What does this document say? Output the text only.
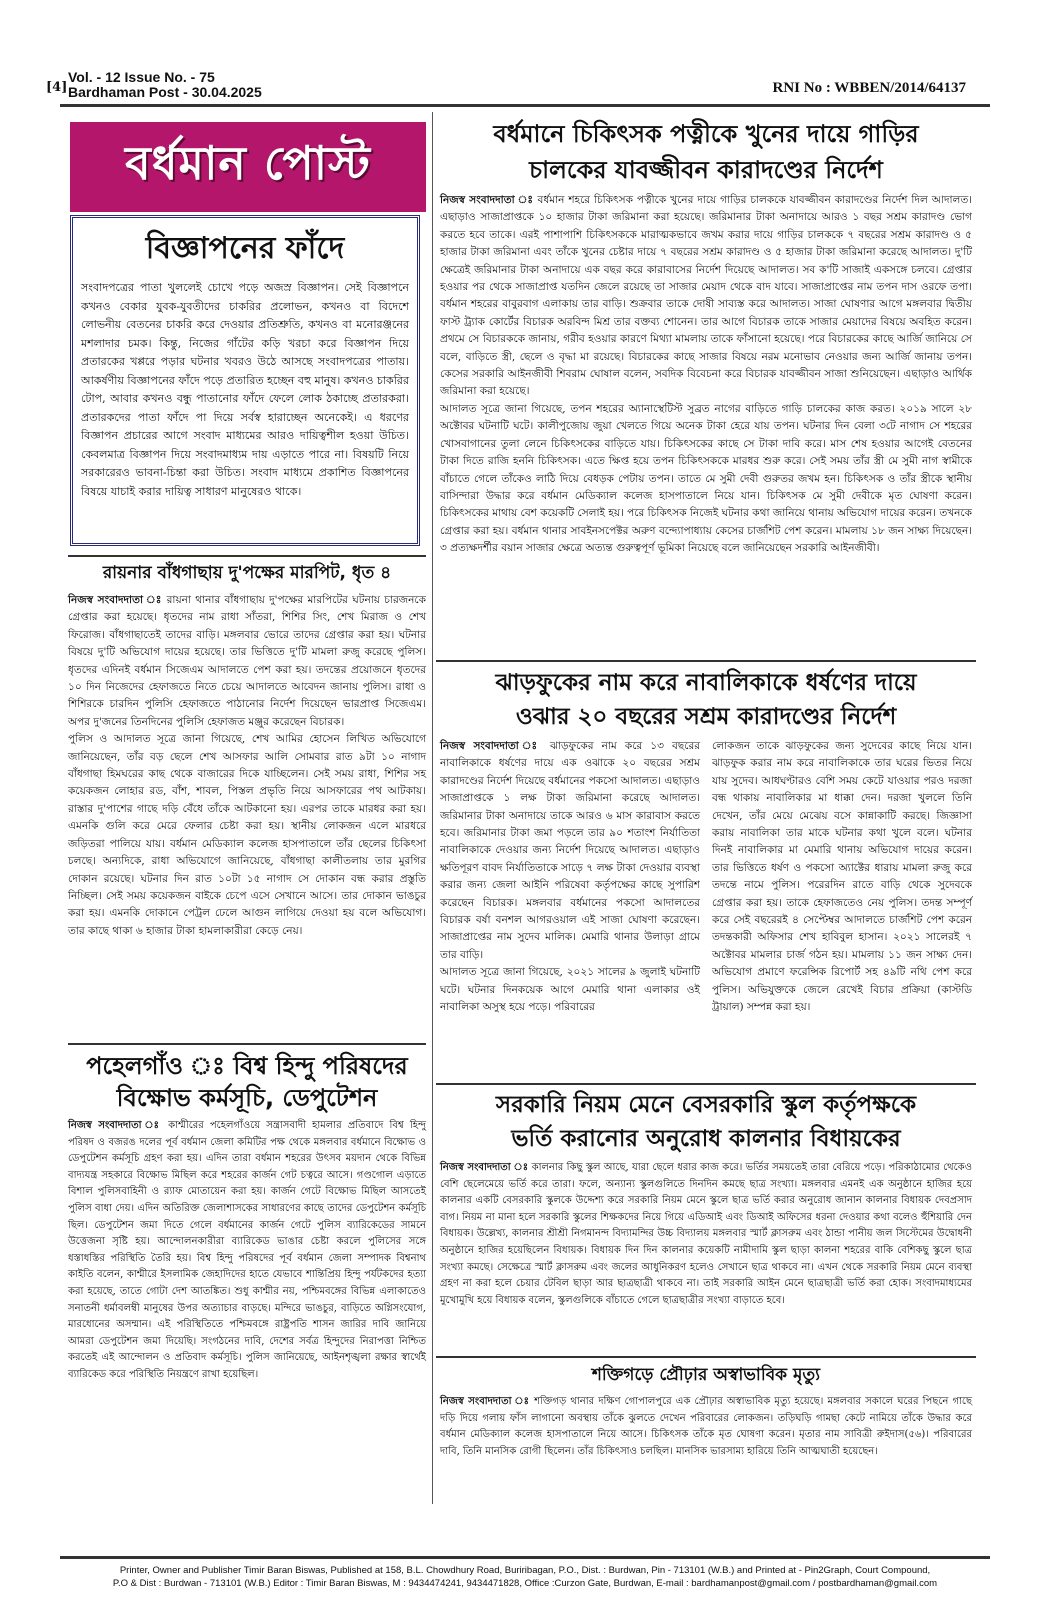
[4]
Vol. - 12 Issue No. - 75
Bardhaman Post - 30.04.2025	RNI No : WBBEN/2014/64137
বর্ধমান পোস্ট
বিজ্ঞাপনের ফাঁদে

সংবাদপত্রের পাতা খুললেই চোখে পড়ে অজস্র বিজ্ঞাপন। সেই বিজ্ঞাপনে কখনও বেকার যুবক-যুবতীদের চাকরির প্রলোভন, কখনও বা বিদেশে লোভনীয় বেতনের চাকরি করে দেওয়ার প্রতিশ্রুতি, কখনও বা মনোরঞ্জনের মশলাদার চমক। কিন্তু, নিজের গাঁটের কড়ি খরচা করে বিজ্ঞাপন দিয়ে প্রতারকের খপ্পরে পড়ার ঘটনার খবরও উঠে আসছে সংবাদপত্রের পাতায়। আকর্ষণীয় বিজ্ঞাপনের ফাঁদে পড়ে প্রতারিত হচ্ছেন বহু মানুষ। কখনও চাকরির টোপ, আবার কখনও বন্ধু পাতানোর ফাঁদে ফেলে লোক ঠকাচ্ছে প্রতারকরা। প্রতারকদের পাতা ফাঁদে পা দিয়ে সর্বস্ব হারাচ্ছেন অনেকেই। এ ধরণের বিজ্ঞাপন প্রচারের আগে সংবাদ মাধ্যমের আরও দায়িত্বশীল হওয়া উচিত। কেবলমাত্র বিজ্ঞাপন দিয়ে সংবাদমাধ্যম দায় এড়াতে পারে না। বিষয়টি নিয়ে সরকারেরও ভাবনা-চিন্তা করা উচিত। সংবাদ মাধ্যমে প্রকাশিত বিজ্ঞাপনের বিষয়ে যাচাই করার দায়িত্ব সাধারণ মানুষেরও থাকে।

রায়নার বাঁধগাছায় দু'পক্ষের মারপিট, ধৃত ৪

নিজস্ব সংবাদদাতা ঃ রায়না থানার বাঁধগাছায় দু'পক্ষের মারপিটের ঘটনায় চারজনকে গ্রেপ্তার করা হয়েছে। ধৃতদের নাম রাধা সাঁতরা, শিশির সিং, শেখ মিরাজ ও শেখ ফিরোজ। বাঁধগাছাতেই তাদের বাড়ি। মঙ্গলবার ভোরে তাদের গ্রেপ্তার করা হয়। ঘটনার বিষয়ে দু'টি অভিযোগ দায়ের হয়েছে। তার ভিত্তিতে দু'টি মামলা রুজু করেছে পুলিস। ধৃতদের এদিনই বর্ধমান সিজেএম আদালতে পেশ করা হয়। তদন্তের প্রয়োজনে ধৃতদের ১০ দিন নিজেদের হেফাজতে নিতে চেয়ে আদালতে আবেদন জানায় পুলিস। রাধা ও শিশিরকে চারদিন পুলিসি হেফাজতে পাঠানোর নির্দেশ দিয়েছেন ভারপ্রাপ্ত সিজেএম। অপর দু'জনের তিনদিনের পুলিসি হেফাজত মঞ্জুর করেছেন বিচারক।

পুলিস ও আদালত সূত্রে জানা গিয়েছে, শেখ আমির হোসেন লিখিত অভিযোগে জানিয়েছেন, তাঁর বড় ছেলে শেখ আসফার আলি সোমবার রাত ৯টা ১০ নাগাদ বাঁধগাছা হিমঘরের কাছ থেকে বাজারের দিকে যাচ্ছিলেন। সেই সময় রাধা, শিশির সহ কয়েকজন লোহার রড, বাঁশ, শাবল, পিস্তল প্রভৃতি নিয়ে আসফারের পথ আটকায়। রাস্তার দু'পাশের গাছে দড়ি বেঁধে তাঁকে আটকানো হয়। এরপর তাকে মারধর করা হয়। এমনকি গুলি করে মেরে ফেলার চেষ্টা করা হয়। স্থানীয় লোকজন এলে মারধরে জড়িতরা পালিয়ে যায়। বর্ধমান মেডিক্যাল কলেজ হাসপাতালে তাঁর ছেলের চিকিৎসা চলছে। অন্যদিকে, রাধা অভিযোগে জানিয়েছে, বাঁধগাছা কালীতলায় তার মুরগির দোকান রয়েছে। ঘটনার দিন রাত ১০টা ১৫ নাগাদ সে দোকান বন্ধ করার প্রস্তুতি নিচ্ছিল। সেই সময় কয়েকজন বাইকে চেপে এসে সেখানে আসে। তার দোকান ভাঙচুর করা হয়। এমনকি দোকানে পেট্রল ঢেলে আগুন লাগিয়ে দেওয়া হয় বলে অভিযোগ। তার কাছে থাকা ৬ হাজার টাকা হামলাকারীরা কেড়ে নেয়।

পহেলগাঁও ঃ বিশ্ব হিন্দু পরিষদের
বিক্ষোভ কর্মসূচি, ডেপুটেশন

নিজস্ব সংবাদদাতা ঃ কাশ্মীরের পহেলগাঁওয়ে সন্ত্রাসবাদী হামলার প্রতিবাদে বিশ্ব হিন্দু পরিষদ ও বজরঙ দলের পূর্ব বর্ধমান জেলা কমিটির পক্ষ থেকে মঙ্গলবার বর্ধমানে বিক্ষোভ ও ডেপুটেশন কর্মসূচি গ্রহণ করা হয়। এদিন তারা বর্ধমান শহরের উৎসব ময়দান থেকে বিভিন্ন বাদ্যযন্ত্র সহকারে বিক্ষোভ মিছিল করে শহরের কার্জন গেট চত্বরে আসে। গণ্ডগোল এড়াতে বিশাল পুলিসবাহিনী ও র‍্যাফ মোতায়েন করা হয়। কার্জন গেটে বিক্ষোভ মিছিল আসতেই পুলিস বাধা দেয়। এদিন অতিরিক্ত জেলাশাসকের সাধারণের কাছে তাদের ডেপুটেশন কর্মসূচি ছিল। ডেপুটেশন জমা দিতে গেলে বর্ধমানের কার্জন গেটে পুলিস ব্যারিকেডের সামনে উত্তেজনা সৃষ্টি হয়। আন্দোলনকারীরা ব্যারিকেড ভাঙার চেষ্টা করলে পুলিসের সঙ্গে ধস্তাধস্তির পরিস্থিতি তৈরি হয়। বিশ্ব হিন্দু পরিষদের পূর্ব বর্ধমান জেলা সম্পাদক বিশ্বনাথ কাইতি বলেন, কাশ্মীরে ইসলামিক জেহাদিদের হাতে যেভাবে শান্তিপ্রিয় হিন্দু পর্যটকদের হত্যা করা হয়েছে, তাতে গোটা দেশ আতঙ্কিত। শুধু কাশ্মীর নয়, পশ্চিমবঙ্গের বিভিন্ন এলাকাতেও সনাতনী ধর্মাবলম্বী মানুষের উপর অত্যাচার বাড়ছে। মন্দিরে ভাঙচুর, বাড়িতে অগ্নিসংযোগ, মারধোনের অসম্মান। এই পরিস্থিতিতে পশ্চিমবঙ্গে রাষ্ট্রপতি শাসন জারির দাবি জানিয়ে আমরা ডেপুটেশন জমা দিয়েছি। সংগঠনের দাবি, দেশের সর্বত্র হিন্দুদের নিরাপত্তা নিশ্চিত করতেই এই আন্দোলন ও প্রতিবাদ কর্মসূচি। পুলিস জানিয়েছে, আইনশৃঙ্খলা রক্ষার স্বার্থেই ব্যারিকেড করে পরিস্থিতি নিয়ন্ত্রণে রাখা হয়েছিল।

বর্ধমানে চিকিৎসক পত্নীকে খুনের দায়ে গাড়ির
চালকের যাবজ্জীবন কারাদণ্ডের নির্দেশ

নিজস্ব সংবাদদাতা ঃ বর্ধমান শহরে চিকিৎসক পত্নীকে খুনের দায়ে গাড়ির চালককে যাবজ্জীবন কারাদণ্ডের নির্দেশ দিল আদালত। এছাড়াও সাজাপ্রাপ্তকে ১০ হাজার টাকা জরিমানা করা হয়েছে। জরিমানার টাকা অনাদায়ে আরও ১ বছর সশ্রম কারাদণ্ড ভোগ করতে হবে তাকে। এরই পাশাপাশি চিকিৎসককে মারাত্মকভাবে জখম করার দায়ে গাড়ির চালককে ৭ বছরের সশ্রম কারাদণ্ড ও ৫ হাজার টাকা জরিমানা এবং তাঁকে খুনের চেষ্টার দায়ে ৭ বছরের সশ্রম কারাদণ্ড ও ৫ হাজার টাকা জরিমানা করেছে আদালত। দু'টি ক্ষেত্রেই জরিমানার টাকা অনাদায়ে এক বছর করে কারাবাসের নির্দেশ দিয়েছে আদালত। সব ক'টি সাজাই একসঙ্গে চলবে। গ্রেপ্তার হওয়ার পর থেকে সাজাপ্রাপ্ত যতদিন জেলে রয়েছে তা সাজার মেয়াদ থেকে বাদ যাবে। সাজাপ্রাপ্তের নাম তপন দাস ওরফে তপা। বর্ধমান শহরের বাবুরবাগ এলাকায় তার বাড়ি। শুক্রবার তাকে দোষী সাব্যস্ত করে আদালত। সাজা ঘোষণার আগে মঙ্গলবার দ্বিতীয় ফাস্ট ট্র্যাক কোর্টের বিচারক অরবিন্দ মিশ্র তার বক্তব্য শোনেন। তার আগে বিচারক তাকে সাজার মেয়াদের বিষয়ে অবহিত করেন। প্রথমে সে বিচারককে জানায়, গরীব হওয়ার কারণে মিথ্যা মামলায় তাকে ফাঁসানো হয়েছে। পরে বিচারকের কাছে আর্জি জানিয়ে সে বলে, বাড়িতে স্ত্রী, ছেলে ও বৃদ্ধা মা রয়েছে। বিচারকের কাছে সাজার বিষয়ে নরম মনোভাব নেওয়ার জন্য আর্জি জানায় তপন। কেসের সরকারি আইনজীবী শিবরাম ঘোষাল বলেন, সবদিক বিবেচনা করে বিচারক যাবজ্জীবন সাজা শুনিয়েছেন। এছাড়াও আর্থিক জরিমানা করা হয়েছে।

আদালত সূত্রে জানা গিয়েছে, তপন শহরের অ্যানাস্থেটিস্ট সুব্রত নাগের বাড়িতে গাড়ি চালকের কাজ করত। ২০১৯ সালে ২৮ অক্টোবর ঘটনাটি ঘটে। কালীপুজোয় জুয়া খেলতে গিয়ে অনেক টাকা হেরে যায় তপন। ঘটনার দিন বেলা ৩টে নাগাদ সে শহরের খোসবাগানের তুলা লেনে চিকিৎসকের বাড়িতে যায়। চিকিৎসকের কাছে সে টাকা দাবি করে। মাস শেষ হওয়ার আগেই বেতনের টাকা দিতে রাজি হননি চিকিৎসক। এতে ক্ষিপ্ত হয়ে তপন চিকিৎসককে মারধর শুরু করে। সেই সময় তাঁর স্ত্রী মে সুমী নাগ স্বামীকে বাঁচাতে গেলে তাঁকেও লাঠি দিয়ে বেধড়ক পেটায় তপন। তাতে মে সুমী দেবী গুরুতর জখম হন। চিকিৎসক ও তাঁর স্ত্রীকে স্থানীয় বাসিন্দারা উদ্ধার করে বর্ধমান মেডিক্যাল কলেজ হাসপাতালে নিয়ে যান। চিকিৎসক মে সুমী দেবীকে মৃত ঘোষণা করেন। চিকিৎসকের মাথায় বেশ কয়েকটি সেলাই হয়। পরে চিকিৎসক নিজেই ঘটনার কথা জানিয়ে থানায় অভিযোগ দায়ের করেন। তখনকে গ্রেপ্তার করা হয়। বর্ধমান থানার সাবইনসপেক্টর অরুণ বন্দ্যোপাধ্যায় কেসের চার্জশিট পেশ করেন। মামলায় ১৮ জন সাক্ষ্য দিয়েছেন। ৩ প্রত্যক্ষদর্শীর বয়ান সাজার ক্ষেত্রে অত্যন্ত গুরুত্বপূর্ণ ভূমিকা নিয়েছে বলে জানিয়েছেন সরকারি আইনজীবী।

ঝাড়ফুকের নাম করে নাবালিকাকে ধর্ষণের দায়ে
ওঝার ২০ বছরের সশ্রম কারাদণ্ডের নির্দেশ

নিজস্ব সংবাদদাতা ঃ ঝাড়ফুকের নাম করে ১৩ বছরের নাবালিকাকে ধর্ষণের দায়ে এক ওঝাকে ২০ বছরের সশ্রম কারাদণ্ডের নির্দেশ দিয়েছে বর্ধমানের পকসো আদালত। এছাড়াও সাজাপ্রাপ্তকে ১ লক্ষ টাকা জরিমানা করেছে আদালত। জরিমানার টাকা অনাদায়ে তাকে আরও ৬ মাস কারাবাস করতে হবে। জরিমানার টাকা জমা পড়লে তার ৯০ শতাংশ নির্যাতিতা নাবালিকাকে দেওয়ার জন্য নির্দেশ দিয়েছে আদালত। এছাড়াও ক্ষতিপূরণ বাবদ নির্যাতিতাকে সাড়ে ৭ লক্ষ টাকা দেওয়ার ব্যবস্থা করার জন্য জেলা আইনি পরিষেবা কর্তৃপক্ষের কাছে সুপারিশ করেছেন বিচারক। মঙ্গলবার বর্ধমানের পকসো আদালতের বিচারক বর্ষা বনশল আগরওয়াল এই সাজা ঘোষণা করেছেন। সাজাপ্রাপ্তের নাম সুদেব মালিক। মেমারি থানার উলাড়া গ্রামে তার বাড়ি।

আদালত সূত্রে জানা গিয়েছে, ২০২১ সালের ৯ জুলাই ঘটনাটি ঘটে। ঘটনার দিনকয়েক আগে মেমারি থানা এলাকার ওই নাবালিকা অসুস্থ হয়ে পড়ে। পরিবারের

লোকজন তাকে ঝাড়ফুকের জন্য সুদেবের কাছে নিয়ে যান। ঝাড়ফুক করার নাম করে নাবালিকাকে তার ঘরের ভিতর নিয়ে যায় সুদেব। আধঘণ্টারও বেশি সময় কেটে যাওয়ার পরও দরজা বন্ধ থাকায় নাবালিকার মা ধাক্কা দেন। দরজা খুললে তিনি দেখেন, তাঁর মেয়ে মেঝেয় বসে কান্নাকাটি করছে। জিজ্ঞাসা করায় নাবালিকা তার মাকে ঘটনার কথা খুলে বলে। ঘটনার দিনই নাবালিকার মা মেমারি থানায় অভিযোগ দায়ের করেন। তার ভিত্তিতে ধর্ষণ ও পকসো অ্যাক্টের ধারায় মামলা রুজু করে তদন্তে নামে পুলিস। পরেরদিন রাতে বাড়ি থেকে সুদেবকে গ্রেপ্তার করা হয়। তাকে হেফাজতেও নেয় পুলিস। তদন্ত সম্পূর্ণ করে সেই বছরেরই ৪ সেপ্টেম্বর আদালতে চার্জশিট পেশ করেন তদন্তকারী অফিসার শেখ হাবিবুল হাসান। ২০২১ সালেরই ৭ অক্টোবর মামলার চার্জ গঠন হয়। মামলায় ১১ জন সাক্ষ্য দেন। অভিযোগ প্রমাণে ফরেন্সিক রিপোর্ট সহ ৪৯টি নথি পেশ করে পুলিস। অভিযুক্তকে জেলে রেখেই বিচার প্রক্রিয়া (কাস্টডি ট্রায়াল) সম্পন্ন করা হয়।

সরকারি নিয়ম মেনে বেসরকারি স্কুল কর্তৃপক্ষকে
ভর্তি করানোর অনুরোধ কালনার বিধায়কের

নিজস্ব সংবাদদাতা ঃ কালনার কিছু স্কুল আছে, যারা ছেলে ধরার কাজ করে। ভর্তির সময়তেই তারা বেরিয়ে পড়ে। পরিকাঠামোর থেকেও বেশি ছেলেমেয়ে ভর্তি করে তারা। ফলে, অন্যান্য স্কুলগুলিতে দিনদিন কমছে ছাত্র সংখ্যা। মঙ্গলবার এমনই এক অনুষ্ঠানে হাজির হয়ে কালনার একটি বেসরকারি স্কুলকে উদ্দেশ্য করে সরকারি নিয়ম মেনে স্কুলে ছাত্র ভর্তি করার অনুরোধ জানান কালনার বিধায়ক দেবপ্রসাদ বাগ। নিয়ম না মানা হলে সরকারি স্কুলের শিক্ষকদের নিয়ে গিয়ে এডিআই এবং ডিআই অফিসের ধরনা দেওয়ার কথা বলেও হুঁশিয়ারি দেন বিধায়ক। উল্লেখ্য, কালনার শ্রীশ্রী নিগমানন্দ বিদ্যামন্দির উচ্চ বিদ্যালয় মঙ্গলবার স্মার্ট ক্লাসরুম এবং ঠান্ডা পানীয় জল সিস্টেমের উদ্বোধনী অনুষ্ঠানে হাজির হয়েছিলেন বিধায়ক। বিধায়ক দিন দিন কালনার কয়েকটি নামীদামি স্কুল ছাড়া কালনা শহরের বাকি বেশিকছু স্কুলে ছাত্র সংখ্যা কমছে। সেক্ষেত্রে স্মার্ট ক্লাসরুম এবং জলের আধুনিকরণ হলেও সেখানে ছাত্র থাকবে না। এখন থেকে সরকারি নিয়ম মেনে ব্যবস্থা গ্রহণ না করা হলে চেয়ার টেবিল ছাড়া আর ছাত্রছাত্রী থাকবে না। তাই সরকারি আইন মেনে ছাত্রছাত্রী ভর্তি করা হোক। সংবাদমাধ্যমের মুখোমুখি হয়ে বিধায়ক বলেন, স্কুলগুলিকে বাঁচাতে গেলে ছাত্রছাত্রীর সংখ্যা বাড়াতে হবে।

শক্তিগড়ে প্রৌঢ়ার অস্বাভাবিক মৃত্যু

নিজস্ব সংবাদদাতা ঃ শক্তিগড় থানার দক্ষিণ গোপালপুরে এক প্রৌঢ়ার অস্বাভাবিক মৃত্যু হয়েছে। মঙ্গলবার সকালে ঘরের পিছনে গাছে দড়ি দিয়ে গলায় ফাঁস লাগানো অবস্থায় তাঁকে ঝুলতে দেখেন পরিবারের লোকজন। তড়িঘড়ি গামছা কেটে নামিয়ে তাঁকে উদ্ধার করে বর্ধমান মেডিক্যাল কলেজ হাসপাতালে নিয়ে আসে। চিকিৎসক তাঁকে মৃত ঘোষণা করেন। মৃতার নাম সাবিত্রী রুইদাস(৫৬)। পরিবারের দাবি, তিনি মানসিক রোগী ছিলেন। তাঁর চিকিৎসাও চলছিল। মানসিক ভারসাম্য হারিয়ে তিনি আত্মঘাতী হয়েছেন।

Printer, Owner and Publisher Timir Baran Biswas, Published at 158, B.L. Chowdhury Road, Buriribagan, P.O., Dist. : Burdwan, Pin - 713101 (W.B.) and Printed at - Pin2Graph, Court Compound,
P.O & Dist : Burdwan - 713101 (W.B.) Editor : Timir Baran Biswas, M : 9434474241, 9434471828, Office :Curzon Gate, Burdwan, E-mail : bardhamanpost@gmail.com / postbardhaman@gmail.com
